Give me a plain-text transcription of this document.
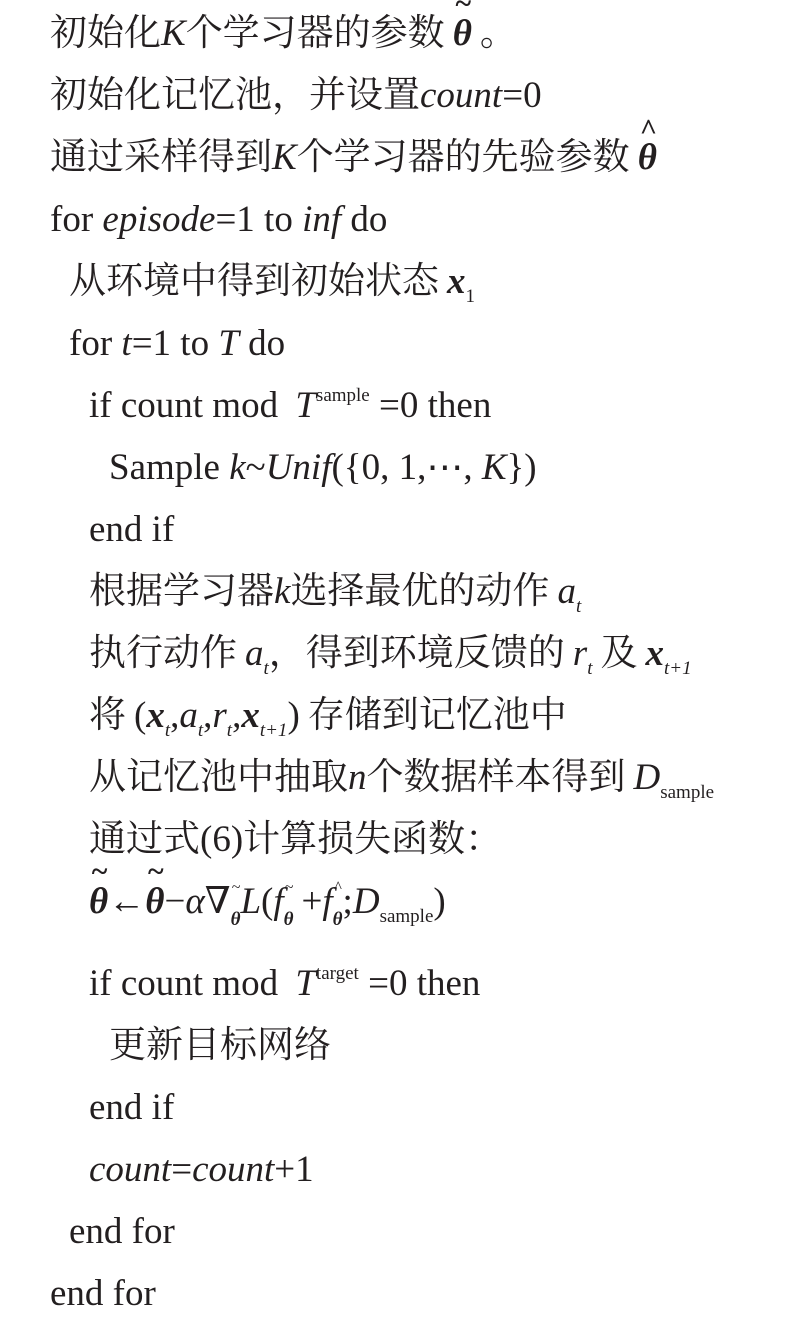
初始化K个学习器的参数 θ
~
。
初始化记忆池，并设置count=0
通过采样得到K个学习器的先验参数 θ
^
for episode=1 to inf do
从环境中得到初始状态 $x_1$
for t=1 to T do
if count mod $T^{sample} =0$ then
Sample k~Unif({0, 1,⋯, K})
end if
根据学习器k选择最优的动作 $a_t$
执行动作 $a_t$，得到环境反馈的 $r_t$ 及 $x_{t+1}$
将 $(x_t,a_t,r_t,x_{t+1})$ 存储到记忆池中
从记忆池中抽取n个数据样本得到 $D_{sample}$
通过式(6)计算损失函数：
θ
~
←θ
~
−α∇θ
~ L(fθ
~ +fθ
^ $;D_{sample}$)
if count mod $T^{target} =0$ then
更新目标网络
end if
count=count+1
end for
end for
